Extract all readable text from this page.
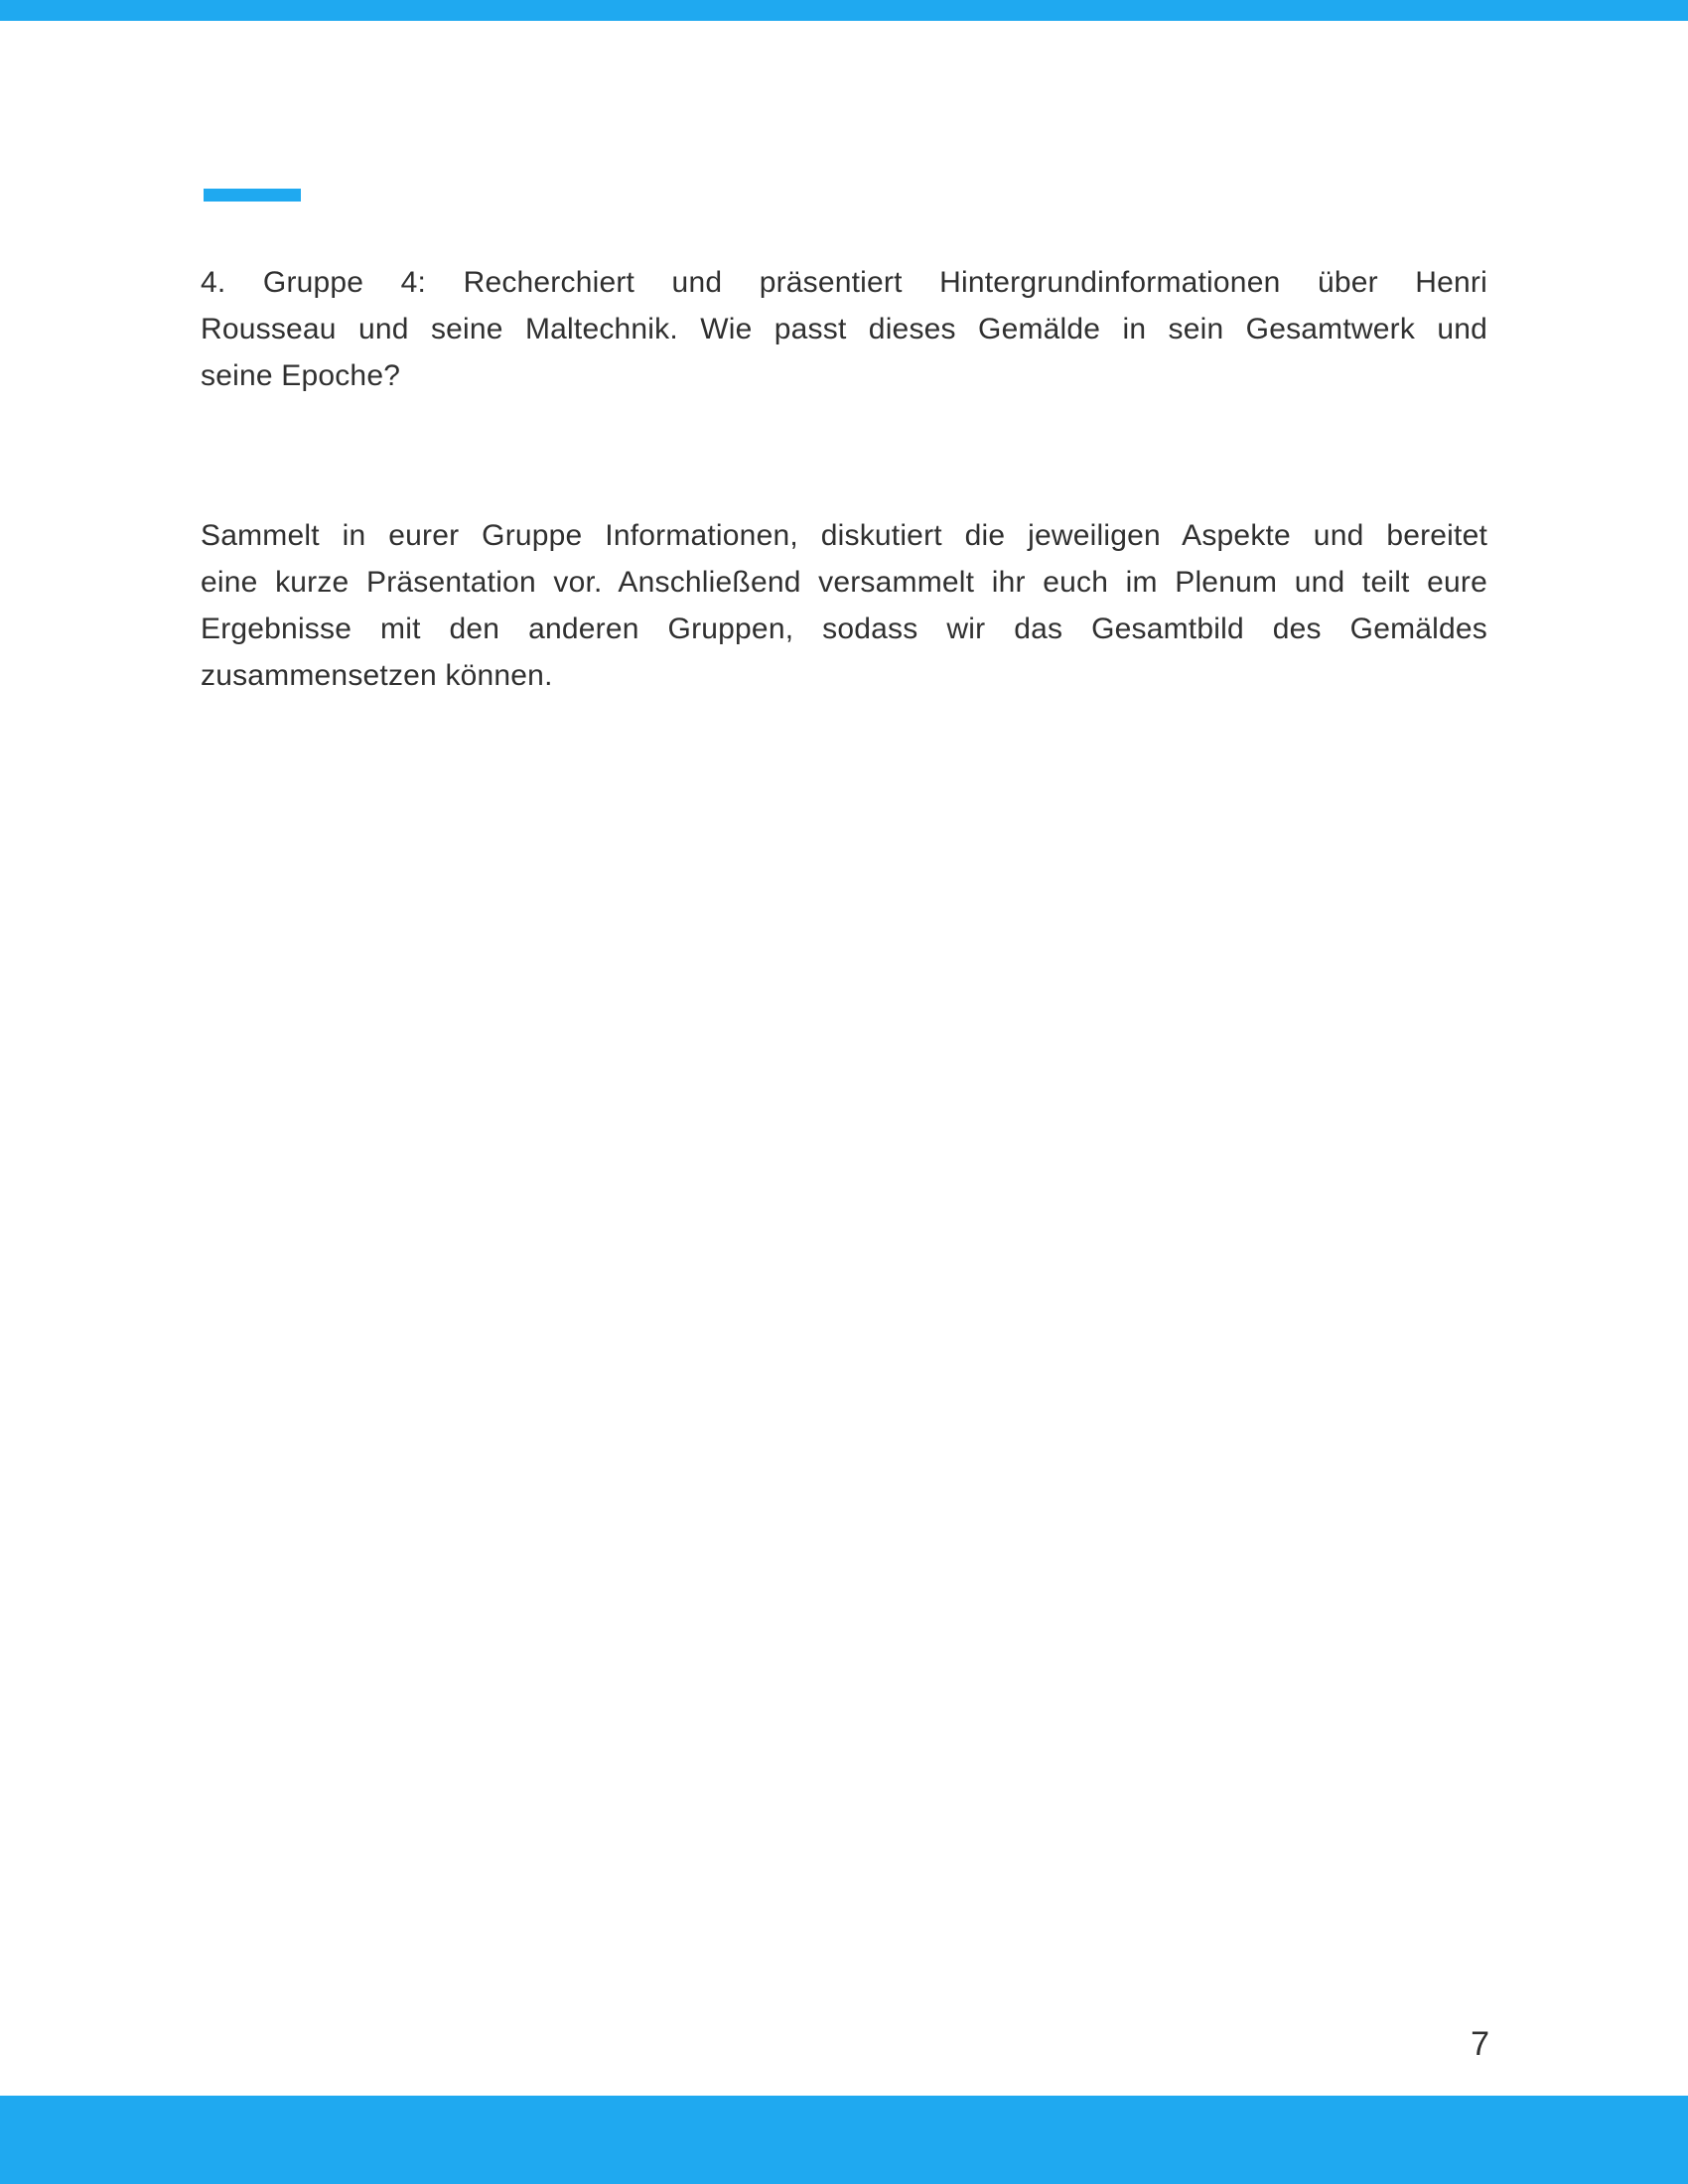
4. Gruppe 4: Recherchiert und präsentiert Hintergrundinformationen über Henri
Rousseau und seine Maltechnik. Wie passt dieses Gemälde in sein Gesamtwerk und
seine Epoche?
Sammelt in eurer Gruppe Informationen, diskutiert die jeweiligen Aspekte und bereitet
eine kurze Präsentation vor. Anschließend versammelt ihr euch im Plenum und teilt eure
Ergebnisse mit den anderen Gruppen, sodass wir das Gesamtbild des Gemäldes
zusammensetzen können.
7
